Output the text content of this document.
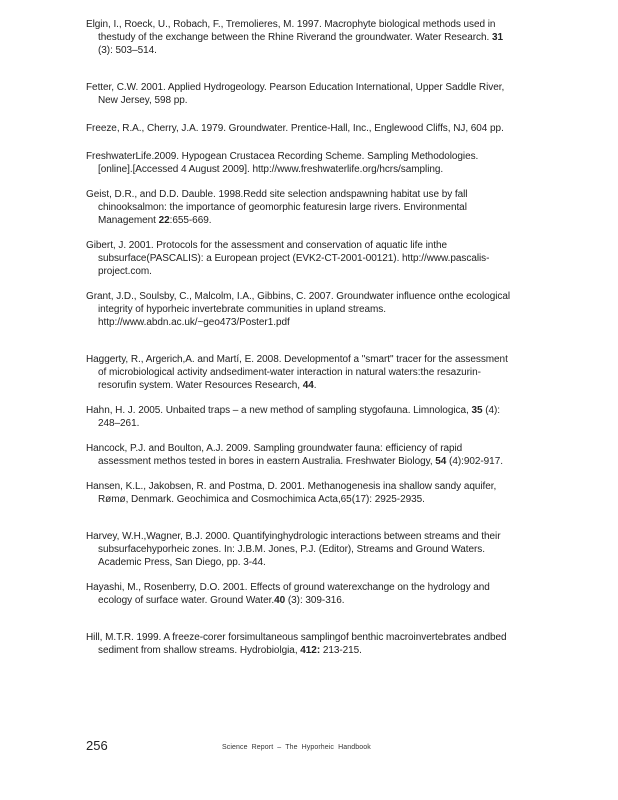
Elgin, I., Roeck, U., Robach, F., Tremolieres, M. 1997. Macrophyte biological methods used in thestudy of the exchange between the Rhine Riverand the groundwater. Water Research. 31 (3): 503–514.

Fetter, C.W. 2001. Applied Hydrogeology. Pearson Education International, Upper Saddle River, New Jersey, 598 pp.

Freeze, R.A., Cherry, J.A. 1979. Groundwater. Prentice-Hall, Inc., Englewood Cliffs, NJ, 604 pp.

FreshwaterLife.2009. Hypogean Crustacea Recording Scheme. Sampling Methodologies. [online].[Accessed 4 August 2009]. http://www.freshwaterlife.org/hcrs/sampling.

Geist, D.R., and D.D. Dauble. 1998.Redd site selection andspawning habitat use by fall chinooksalmon: the importance of geomorphic featuresin large rivers. Environmental Management 22:655-669.

Gibert, J. 2001. Protocols for the assessment and conservation of aquatic life inthe subsurface(PASCALIS): a European project (EVK2-CT-2001-00121). http://www.pascalis-project.com.

Grant, J.D., Soulsby, C., Malcolm, I.A., Gibbins, C. 2007. Groundwater influence onthe ecological integrity of hyporheic invertebrate communities in upland streams. http://www.abdn.ac.uk/~geo473/Poster1.pdf

Haggerty, R., Argerich,A. and Martí, E. 2008. Developmentof a "smart" tracer for the assessment of microbiological activity andsediment-water interaction in natural waters:the resazurin-resorufin system. Water Resources Research, 44.

Hahn, H. J. 2005. Unbaited traps – a new method of sampling stygofauna. Limnologica, 35 (4): 248–261.

Hancock, P.J. and Boulton, A.J. 2009. Sampling groundwater fauna: efficiency of rapid assessment methos tested in bores in eastern Australia. Freshwater Biology, 54 (4):902-917.

Hansen, K.L., Jakobsen, R. and Postma, D. 2001. Methanogenesis ina shallow sandy aquifer, Rømø, Denmark. Geochimica and Cosmochimica Acta,65(17): 2925-2935.

Harvey, W.H.,Wagner, B.J. 2000. Quantifyinghydrologic interactions between streams and their subsurfacehyporheic zones. In: J.B.M. Jones, P.J. (Editor), Streams and Ground Waters. Academic Press, San Diego, pp. 3-44.

Hayashi, M., Rosenberry, D.O. 2001. Effects of ground waterexchange on the hydrology and ecology of surface water. Ground Water.40 (3): 309-316.

Hill, M.T.R. 1999. A freeze-corer forsimultaneous samplingof benthic macroinvertebrates andbed sediment from shallow streams. Hydrobiolgia, 412: 213-215.

256	Science Report – The Hyporheic Handbook
